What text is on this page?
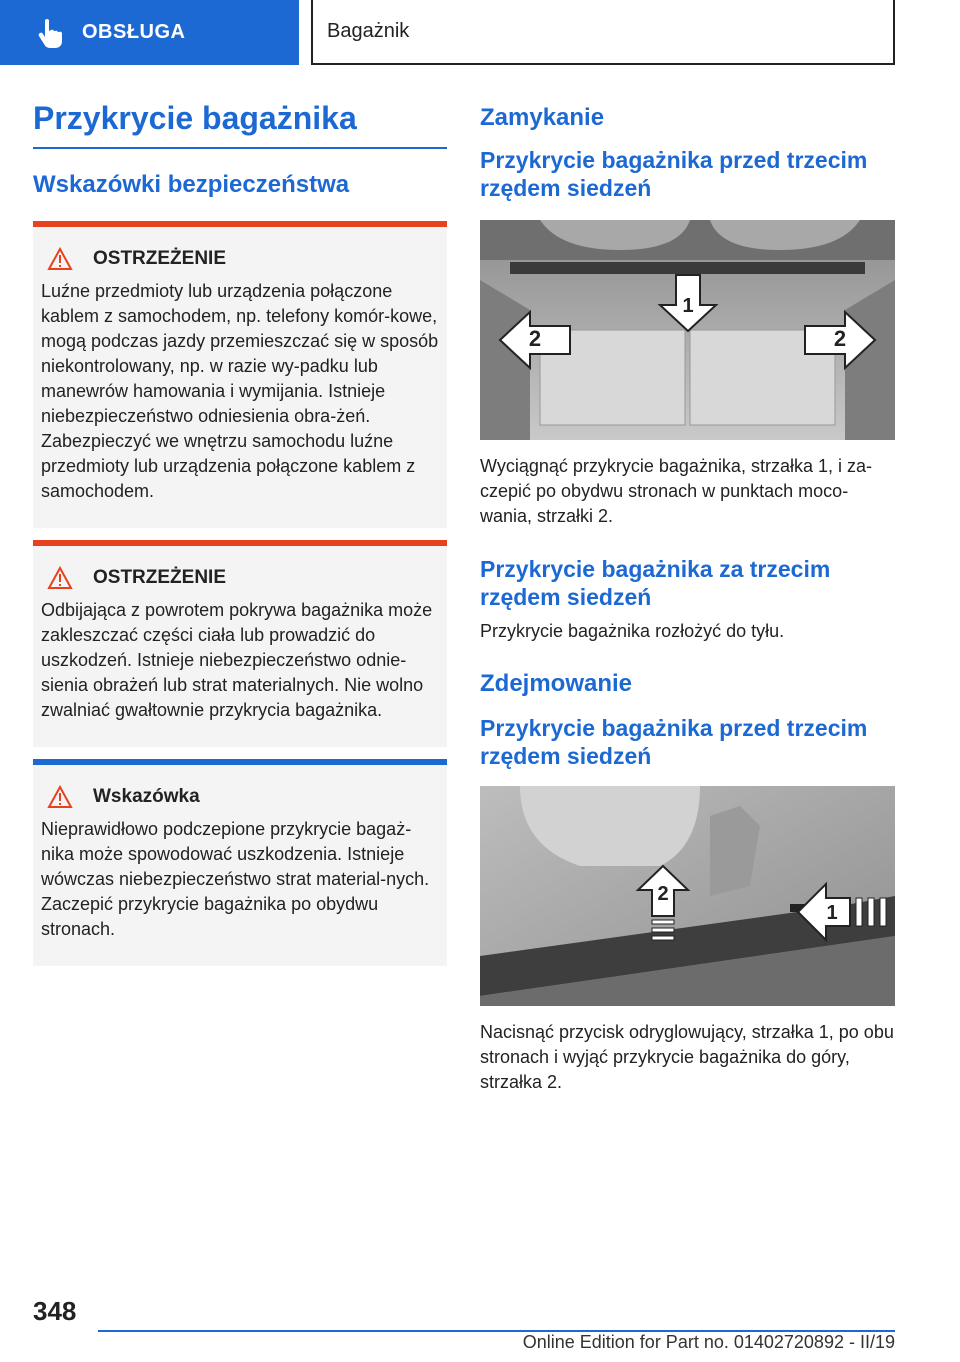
OBSŁUGA	Bagażnik
Przykrycie bagażnika
Wskazówki bezpieczeństwa
OSTRZEŻENIE

Luźne przedmioty lub urządzenia połączone kablem z samochodem, np. telefony komór-kowe, mogą podczas jazdy przemieszczać się w sposób niekontrolowany, np. w razie wy-padku lub manewrów hamowania i wymijania. Istnieje niebezpieczeństwo odniesienia obra-żeń. Zabezpieczyć we wnętrzu samochodu luźne przedmioty lub urządzenia połączone kablem z samochodem.

OSTRZEŻENIE

Odbijająca z powrotem pokrywa bagażnika może zakleszczać części ciała lub prowadzić do uszkodzeń. Istnieje niebezpieczeństwo odnie-sienia obrażeń lub strat materialnych. Nie wolno zwalniać gwałtownie przykrycia bagażnika.

Wskazówka

Nieprawidłowo podczepione przykrycie bagaż-nika może spowodować uszkodzenia. Istnieje wówczas niebezpieczeństwo strat material-nych. Zaczepić przykrycie bagażnika po obydwu stronach.

Zamykanie
Przykrycie bagażnika przed trzecim rzędem siedzeń
1
2	2

Wyciągnąć przykrycie bagażnika, strzałka 1, i za-czepić po obydwu stronach w punktach moco-wania, strzałki 2.

Przykrycie bagażnika za trzecim rzędem siedzeń

Przykrycie bagażnika rozłożyć do tyłu.

Zdejmowanie
Przykrycie bagażnika przed trzecim rzędem siedzeń
2
1

Nacisnąć przycisk odryglowujący, strzałka 1, po obu stronach i wyjąć przykrycie bagażnika do góry, strzałka 2.

348
Online Edition for Part no. 01402720892 - II/19
